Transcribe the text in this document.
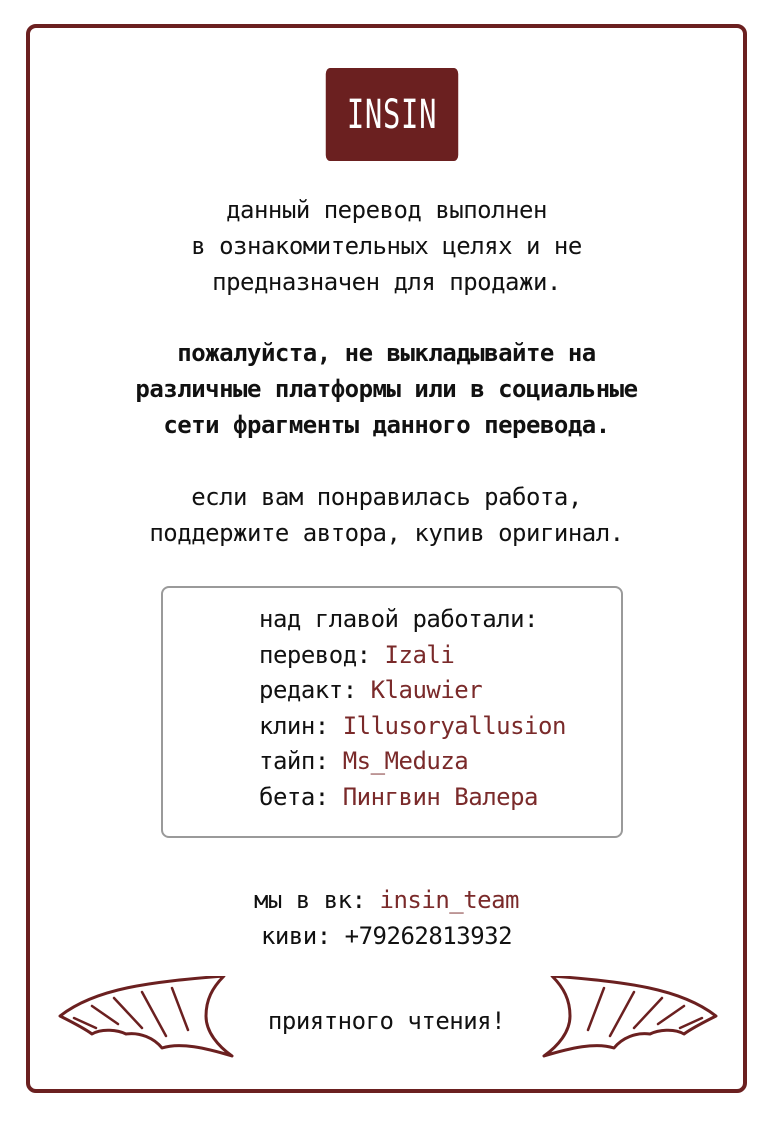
INSIN
данный перевод выполнен
в ознакомительных целях и не
предназначен для продажи.
пожалуйста, не выкладывайте на
различные платформы или в социальные
сети фрагменты данного перевода.
если вам понравилась работа,
поддержите автора, купив оригинал.
над главой работали:
перевод: Izali
редакт: Klauwier
клин: Illusoryallusion
тайп: Ms_Meduza
бета: Пингвин Валера
мы в вк: insin_team
киви: +79262813932
приятного чтения!
